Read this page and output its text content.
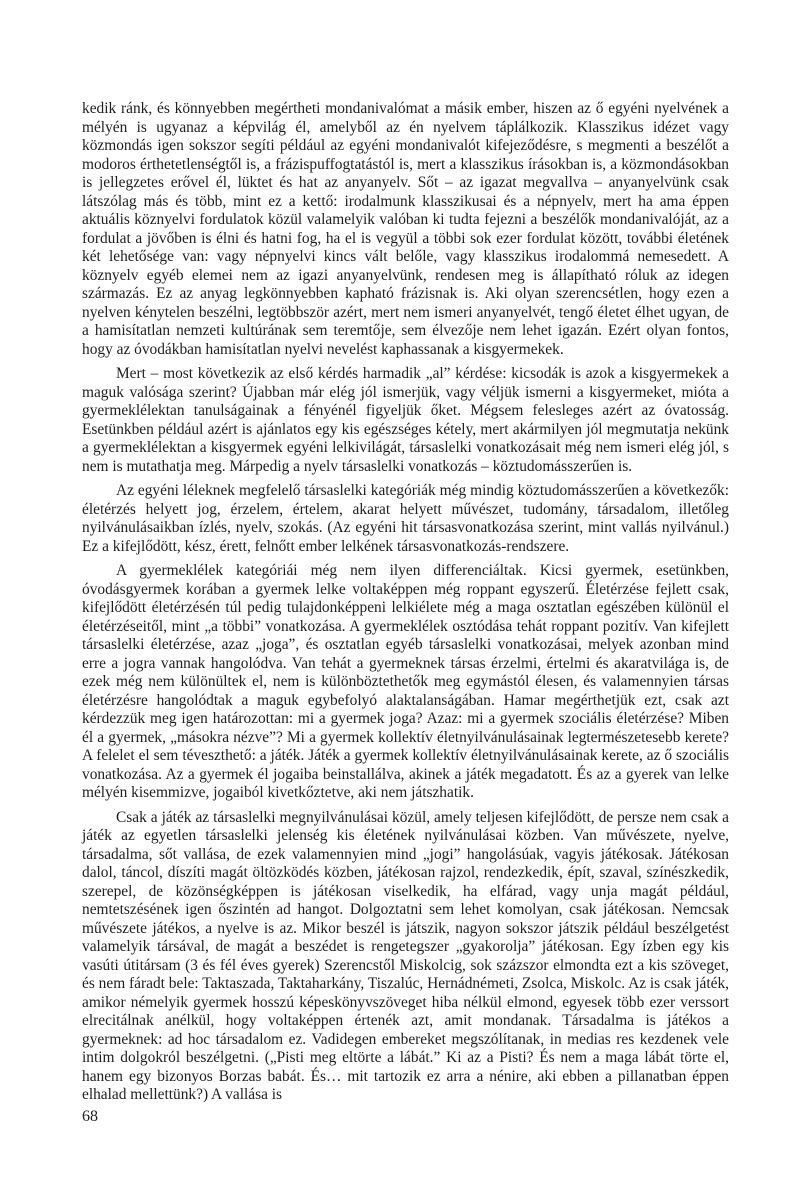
kedik ránk, és könnyebben megértheti mondanivalómat a másik ember, hiszen az ő egyéni nyelvének a mélyén is ugyanaz a képvilág él, amelyből az én nyelvem táplálkozik. Klasszikus idézet vagy közmondás igen sokszor segíti például az egyéni mondanivalót kifejeződésre, s megmenti a beszélőt a modoros érthetetlenségtől is, a frázispuffogtatástól is, mert a klasszikus írásokban is, a közmondásokban is jellegzetes erővel él, lüktet és hat az anyanyelv. Sőt – az igazat megvallva – anyanyelvünk csak látszólag más és több, mint ez a kettő: irodalmunk klasszikusai és a népnyelv, mert ha ama éppen aktuális köznyelvi fordulatok közül valamelyik valóban ki tudta fejezni a beszélők mondanivalóját, az a fordulat a jövőben is élni és hatni fog, ha el is vegyül a többi sok ezer fordulat között, további életének két lehetősége van: vagy népnyelvi kincs vált belőle, vagy klasszikus irodalommá nemesedett. A köznyelv egyéb elemei nem az igazi anyanyelvünk, rendesen meg is állapítható róluk az idegen származás. Ez az anyag legkönnyebben kapható frázisnak is. Aki olyan szerencsétlen, hogy ezen a nyelven kénytelen beszélni, legtöbbször azért, mert nem ismeri anyanyelvét, tengő életet élhet ugyan, de a hamisítatlan nemzeti kultúrának sem teremtője, sem élvezője nem lehet igazán. Ezért olyan fontos, hogy az óvodákban hamisítatlan nyelvi nevelést kaphassanak a kisgyermekek.

Mert – most következik az első kérdés harmadik „al” kérdése: kicsodák is azok a kisgyermekek a maguk valósága szerint? Újabban már elég jól ismerjük, vagy véljük ismerni a kisgyermeket, mióta a gyermeklélektan tanulságainak a fényénél figyeljük őket. Mégsem felesleges azért az óvatosság. Esetünkben például azért is ajánlatos egy kis egészséges kétely, mert akármilyen jól megmutatja nekünk a gyermeklélektan a kisgyermek egyéni lelkivilágát, társaslelki vonatkozásait még nem ismeri elég jól, s nem is mutathatja meg. Márpedig a nyelv társaslelki vonatkozás – köztudomásszerűen is.

Az egyéni léleknek megfelelő társaslelki kategóriák még mindig köztudomásszerűen a következők: életérzés helyett jog, érzelem, értelem, akarat helyett művészet, tudomány, társadalom, illetőleg nyilvánulásaikban ízlés, nyelv, szokás. (Az egyéni hit társasvonatkozása szerint, mint vallás nyilvánul.) Ez a kifejlődött, kész, érett, felnőtt ember lelkének társasvonatkozás-rendszere.

A gyermeklélek kategóriái még nem ilyen differenciáltak. Kicsi gyermek, esetünkben, óvodásgyermek korában a gyermek lelke voltaképpen még roppant egyszerű. Életérzése fejlett csak, kifejlődött életérzésén túl pedig tulajdonképpeni lelkiélete még a maga osztatlan egészében különül el életérzéseitől, mint „a többi” vonatkozása. A gyermeklélek osztódása tehát roppant pozitív. Van kifejlett társaslelki életérzése, azaz „joga”, és osztatlan egyéb társaslelki vonatkozásai, melyek azonban mind erre a jogra vannak hangolódva. Van tehát a gyermeknek társas érzelmi, értelmi és akaratvilága is, de ezek még nem különültek el, nem is különböztethetők meg egymástól élesen, és valamennyien társas életérzésre hangolódtak a maguk egybefolyó alaktalanságában. Hamar megérthetjük ezt, csak azt kérdezzük meg igen határozottan: mi a gyermek joga? Azaz: mi a gyermek szociális életérzése? Miben él a gyermek, „másokra nézve”? Mi a gyermek kollektív életnyilvánulásainak legtermészetesebb kerete? A felelet el sem téveszthető: a játék. Játék a gyermek kollektív életnyilvánulásainak kerete, az ő szociális vonatkozása. Az a gyermek él jogaiba beinstallálva, akinek a játék megadatott. És az a gyerek van lelke mélyén kisemmizve, jogaiból kivetkőztetve, aki nem játszhatik.

Csak a játék az társaslelki megnyilvánulásai közül, amely teljesen kifejlődött, de persze nem csak a játék az egyetlen társaslelki jelenség kis életének nyilvánulásai közben. Van művészete, nyelve, társadalma, sőt vallása, de ezek valamennyien mind „jogi” hangolásúak, vagyis játékosak. Játékosan dalol, táncol, díszíti magát öltözködés közben, játékosan rajzol, rendezkedik, épít, szaval, színészkedik, szerepel, de közönségképpen is játékosan viselkedik, ha elfárad, vagy unja magát például, nemtetszésének igen őszintén ad hangot. Dolgoztatni sem lehet komolyan, csak játékosan. Nemcsak művészete játékos, a nyelve is az. Mikor beszél is játszik, nagyon sokszor játszik például beszélgetést valamelyik társával, de magát a beszédet is rengetegszer „gyakorolja” játékosan. Egy ízben egy kis vasúti útitársam (3 és fél éves gyerek) Szerencstől Miskolcig, sok százszor elmondta ezt a kis szöveget, és nem fáradt bele: Taktaszada, Taktaharkány, Tiszalúc, Hernádnémeti, Zsolca, Miskolc. Az is csak játék, amikor némelyik gyermek hosszú képeskönyvszöveget hiba nélkül elmond, egyesek több ezer verssort elrecitálnak anélkül, hogy voltaképpen értenék azt, amit mondanak. Társadalma is játékos a gyermeknek: ad hoc társadalom ez. Vadidegen embereket megszólítanak, in medias res kezdenek vele intim dolgokról beszélgetni. („Pisti meg eltörte a lábát.” Ki az a Pisti? És nem a maga lábát törte el, hanem egy bizonyos Borzas babát. És… mit tartozik ez arra a nénire, aki ebben a pillanatban éppen elhalad mellettünk?) A vallása is

68
